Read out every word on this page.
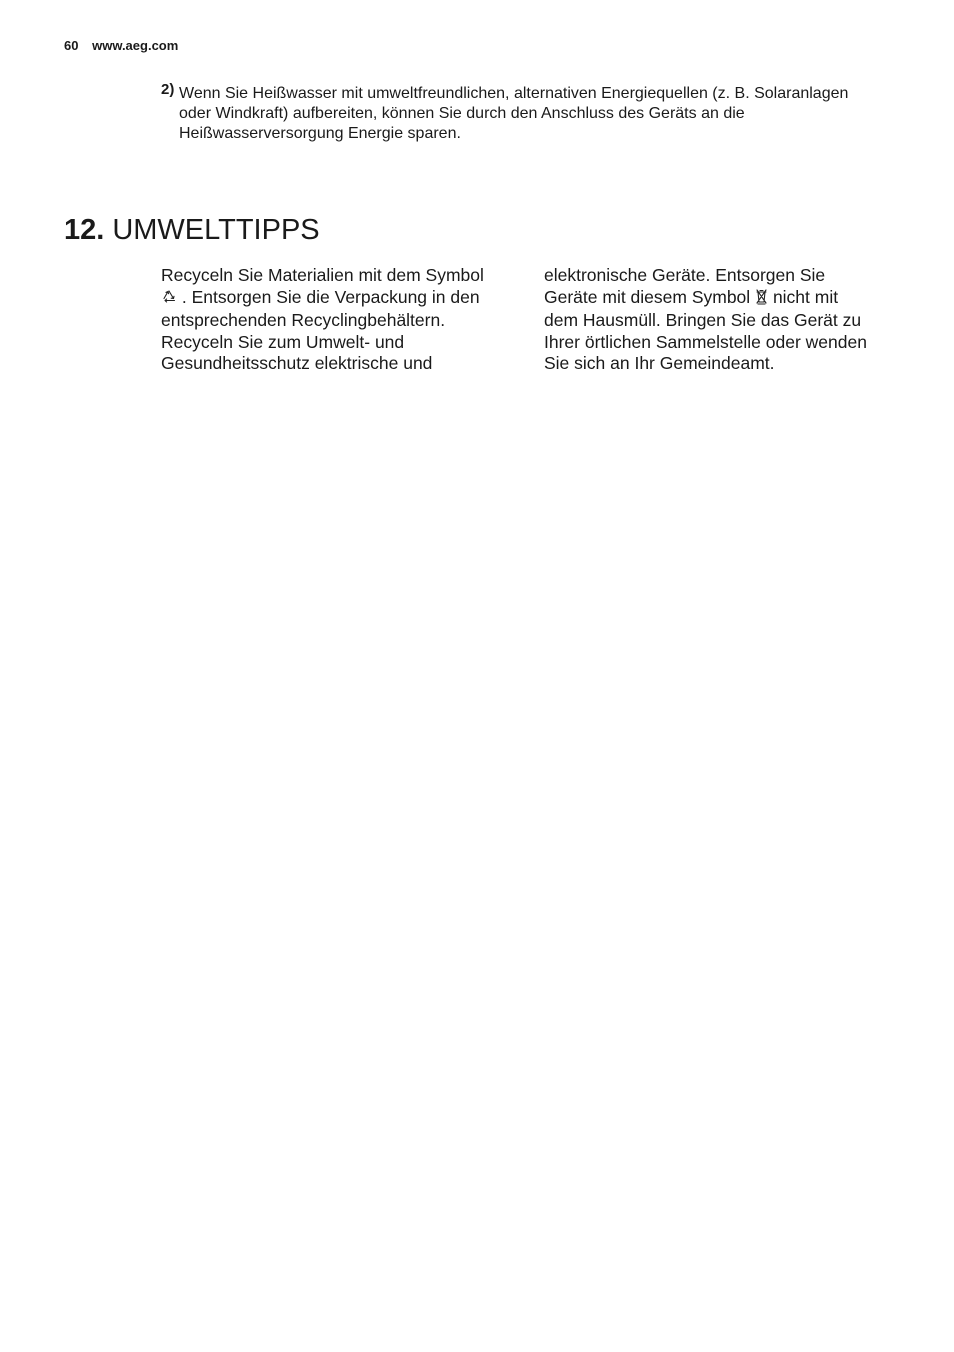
60 www.aeg.com
2) Wenn Sie Heißwasser mit umweltfreundlichen, alternativen Energiequellen (z. B. Solaranlagen oder Windkraft) aufbereiten, können Sie durch den Anschluss des Geräts an die Heißwasserversorgung Energie sparen.
12. UMWELTTIPPS

Recyceln Sie Materialien mit dem Symbol  . Entsorgen Sie die Verpackung in den entsprechenden Recyclingbehältern.

Recyceln Sie zum Umwelt- und Gesundheitsschutz elektrische und

elektronische Geräte. Entsorgen Sie Geräte mit diesem Symbol nicht mit dem Hausmüll. Bringen Sie das Gerät zu Ihrer örtlichen Sammelstelle oder wenden Sie sich an Ihr Gemeindeamt.
